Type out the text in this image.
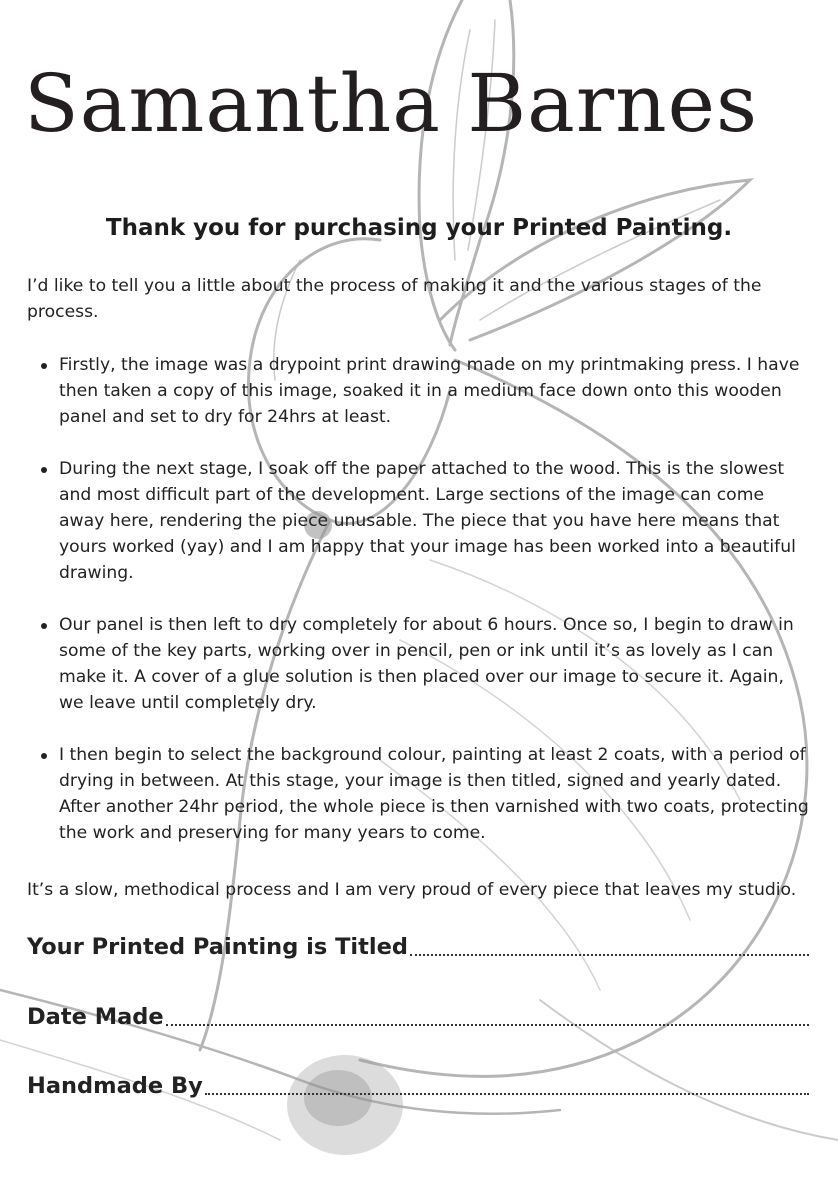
Samantha Barnes
Thank you for purchasing your Printed Painting.

I’d like to tell you a little about the process of making it and the various stages of the process.

Firstly, the image was a drypoint print drawing made on my printmaking press. I have then taken a copy of this image, soaked it in a medium face down onto this wooden panel and set to dry for 24hrs at least.
During the next stage, I soak off the paper attached to the wood. This is the slowest and most difficult part of the development. Large sections of the image can come away here, rendering the piece unusable. The piece that you have here means that yours worked (yay) and I am happy that your image has been worked into a beautiful drawing.
Our panel is then left to dry completely for about 6 hours. Once so, I begin to draw in some of the key parts, working over in pencil, pen or ink until it’s as lovely as I can make it. A cover of a glue solution is then placed over our image to secure it. Again, we leave until completely dry.
I then begin to select the background colour, painting at least 2 coats, with a period of drying in between. At this stage, your image is then titled, signed and yearly dated. After another 24hr period, the whole piece is then varnished with two coats, protecting the work and preserving for many years to come.

It’s a slow, methodical process and I am very proud of every piece that leaves my studio.

Your Printed Painting is Titled
Date Made
Handmade By
